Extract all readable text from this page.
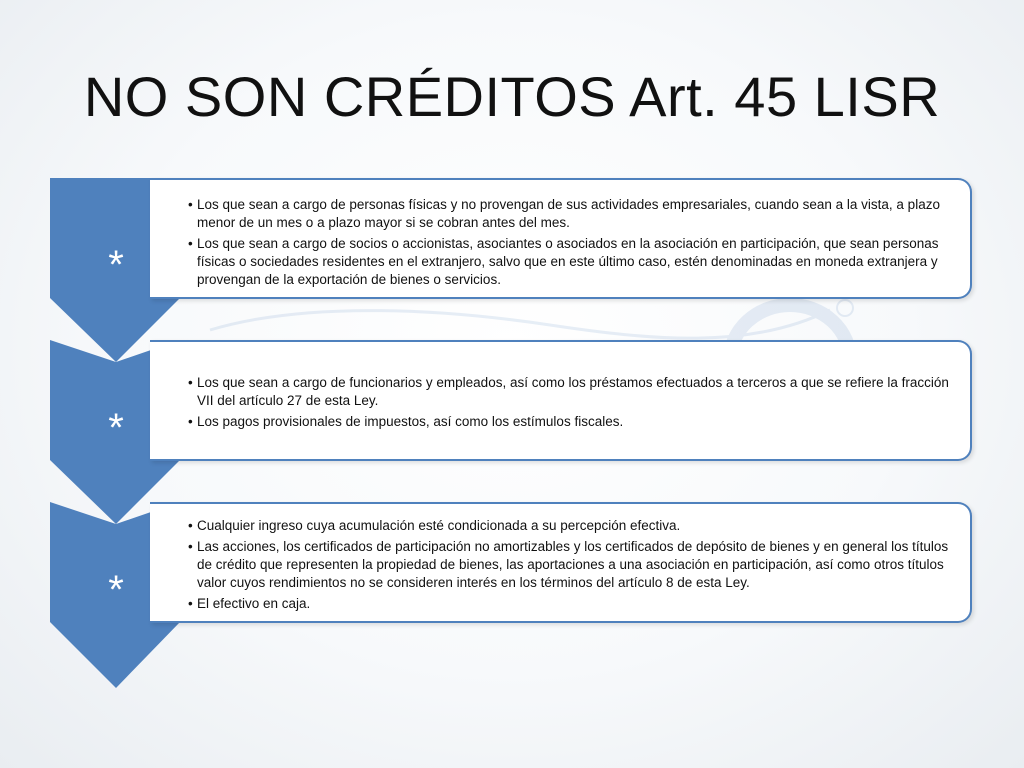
NO SON CRÉDITOS Art. 45 LISR
• Los que sean a cargo de personas físicas y no provengan de sus actividades empresariales, cuando sean a la vista, a plazo menor de un mes o a plazo mayor si se cobran antes del mes.
• Los que sean a cargo de socios o accionistas, asociantes o asociados en la asociación en participación, que sean personas físicas o sociedades residentes en el extranjero, salvo que en este último caso, estén denominadas en moneda extranjera y provengan de la exportación de bienes o servicios.
*
• Los que sean a cargo de funcionarios y empleados, así como los préstamos efectuados a terceros a que se refiere la fracción VII del artículo 27 de esta Ley.
• Los pagos provisionales de impuestos, así como los estímulos fiscales.
*
• Cualquier ingreso cuya acumulación esté condicionada a su percepción efectiva.
• Las acciones, los certificados de participación no amortizables y los certificados de depósito de bienes y en general los títulos de crédito que representen la propiedad de bienes, las aportaciones a una asociación en participación, así como otros títulos valor cuyos rendimientos no se consideren interés en los términos del artículo 8 de esta Ley.
• El efectivo en caja.
*
